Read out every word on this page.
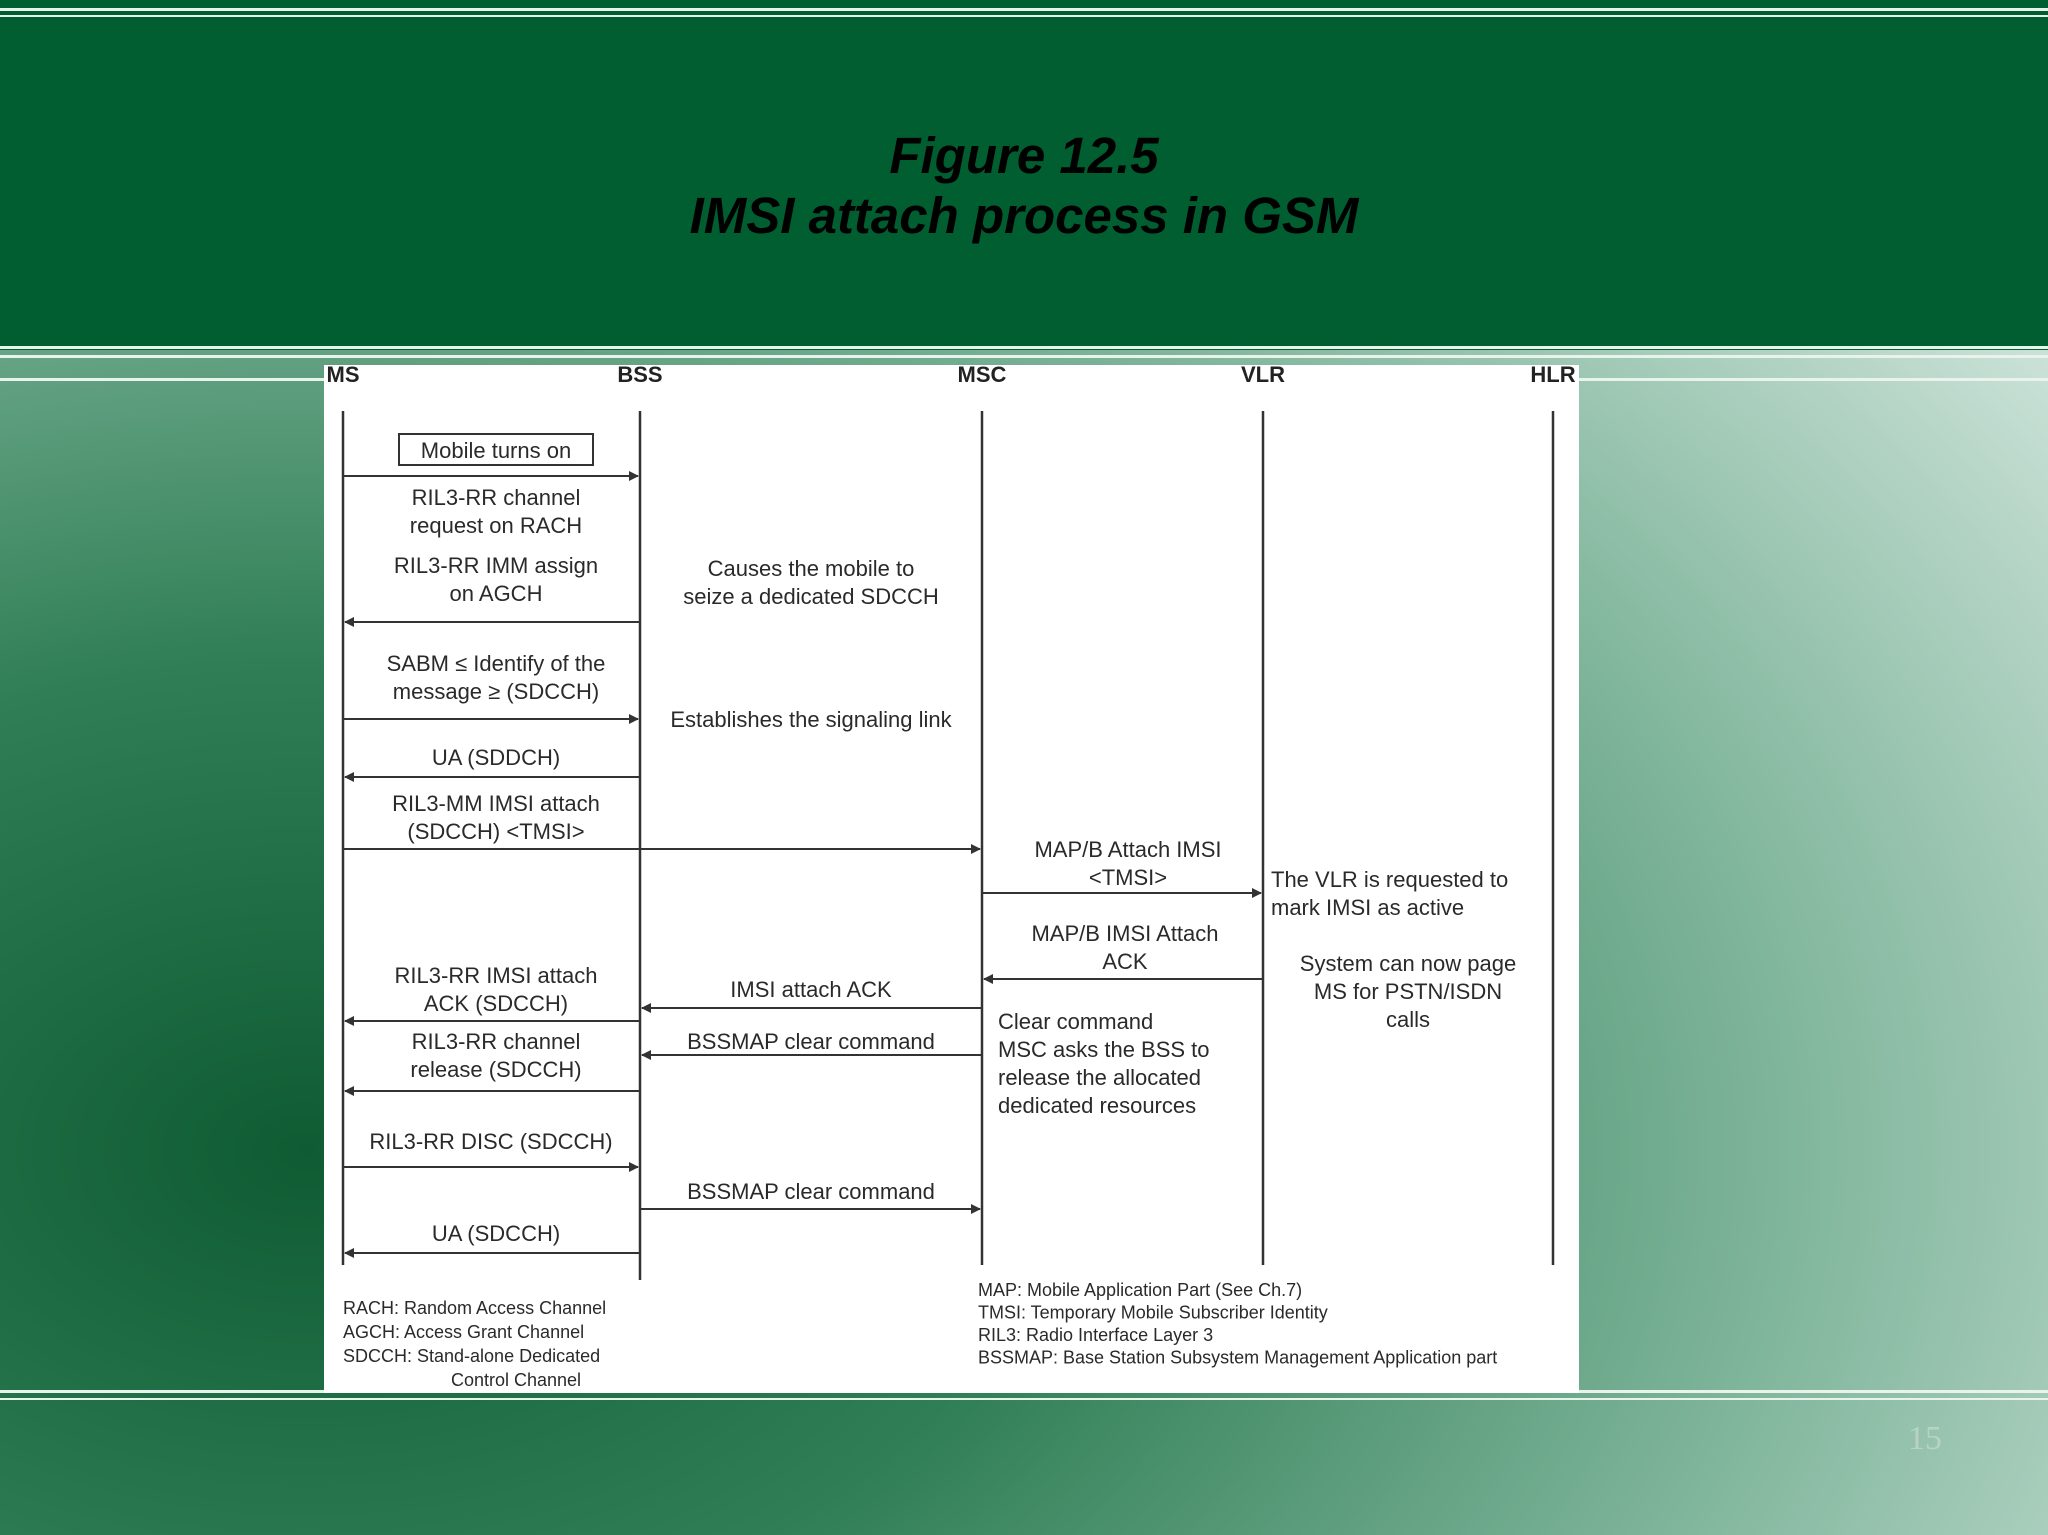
Figure 12.5
IMSI attach process in GSM
MS	BSS	MSC	VLR	HLR
Mobile turns on
RIL3-RR channel
request on RACH
RIL3-RR IMM assign
on AGCH
SABM ≤ Identify of the
message ≥ (SDCCH)
UA (SDDCH)
RIL3-MM IMSI attach
(SDCCH) <TMSI>
MAP/B Attach IMSI
<TMSI>
MAP/B IMSI Attach
ACK
IMSI attach ACK
RIL3-RR IMSI attach
ACK (SDCCH)
BSSMAP clear command
RIL3-RR channel
release (SDCCH)
RIL3-RR DISC (SDCCH)
BSSMAP clear command
UA (SDCCH)
Causes the mobile to
seize a dedicated SDCCH
Establishes the signaling link
The VLR is requested to
mark IMSI as active
System can now page
MS for PSTN/ISDN
calls
Clear command
MSC asks the BSS to
release the allocated
dedicated resources
RACH: Random Access Channel
AGCH: Access Grant Channel
SDCCH: Stand-alone Dedicated
Control Channel
MAP: Mobile Application Part (See Ch.7)
TMSI: Temporary Mobile Subscriber Identity
RIL3: Radio Interface Layer 3
BSSMAP: Base Station Subsystem Management Application part
15
